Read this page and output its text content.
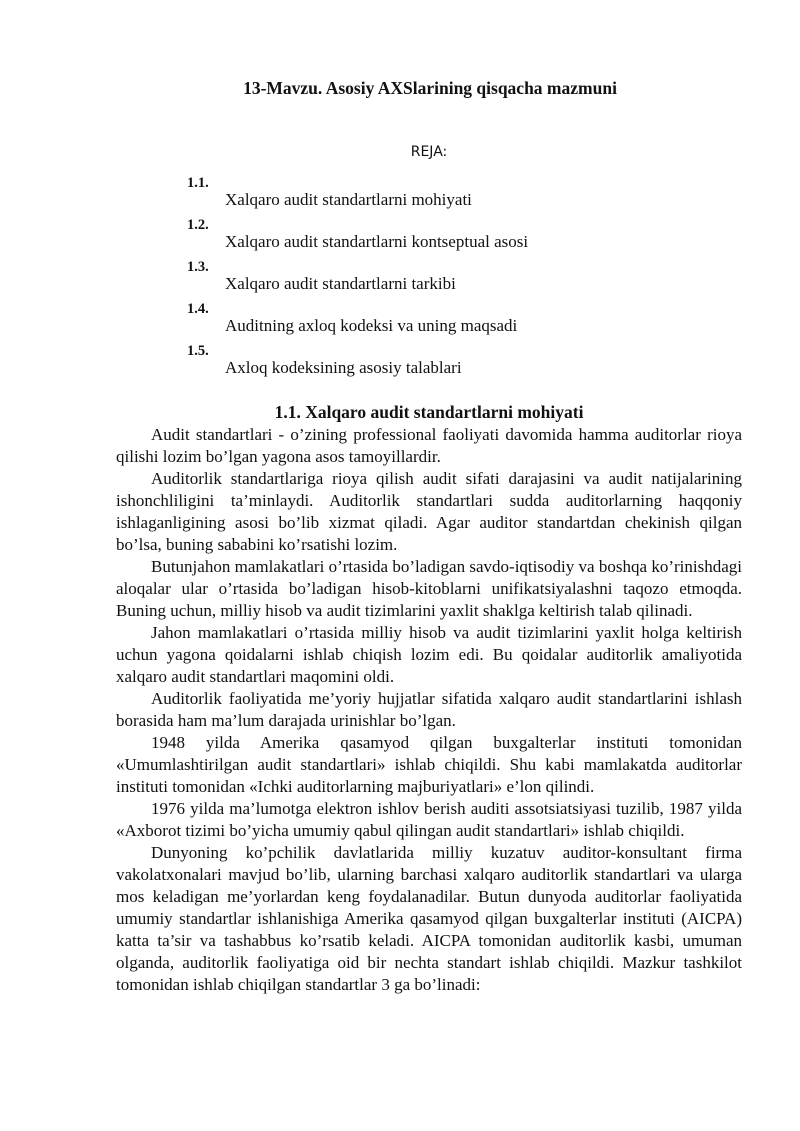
13-Mavzu. Asosiy AXSlarining qisqacha mazmuni
REJA:
1.1.
Xalqaro audit standartlarni mohiyati
1.2.
Xalqaro audit standartlarni kontseptual asosi
1.3.
Xalqaro audit standartlarni tarkibi
1.4.
Auditning axloq kodeksi va uning maqsadi
1.5.
Axloq kodeksining asosiy talablari
1.1. Xalqaro audit standartlarni mohiyati

Audit standartlari - o’zining professional faoliyati davomida hamma auditorlar rioya qilishi lozim bo’lgan yagona asos tamoyillardir.

Auditorlik standartlariga rioya qilish audit sifati darajasini va audit natijalarining ishonchliligini ta’minlaydi. Auditorlik standartlari sudda auditorlarning haqqoniy ishlaganligining asosi bo’lib xizmat qiladi. Agar auditor standartdan chekinish qilgan bo’lsa, buning sababini ko’rsatishi lozim.

Butunjahon mamlakatlari o’rtasida bo’ladigan savdo-iqtisodiy va boshqa ko’rinishdagi aloqalar ular o’rtasida bo’ladigan hisob-kitoblarni unifikatsiyalashni taqozo etmoqda. Buning uchun, milliy hisob va audit tizimlarini yaxlit shaklga keltirish talab qilinadi.

Jahon mamlakatlari o’rtasida milliy hisob va audit tizimlarini yaxlit holga keltirish uchun yagona qoidalarni ishlab chiqish lozim edi. Bu qoidalar auditorlik amaliyotida xalqaro audit standartlari maqomini oldi.

Auditorlik faoliyatida me’yoriy hujjatlar sifatida xalqaro audit standartlarini ishlash borasida ham ma’lum darajada urinishlar bo’lgan.

1948 yilda Amerika qasamyod qilgan buxgalterlar instituti tomonidan «Umumlashtirilgan audit standartlari» ishlab chiqildi. Shu kabi mamlakatda auditorlar instituti tomonidan «Ichki auditorlarning majburiyatlari» e’lon qilindi.

1976 yilda ma’lumotga elektron ishlov berish auditi assotsiatsiyasi tuzilib, 1987 yilda «Axborot tizimi bo’yicha umumiy qabul qilingan audit standartlari» ishlab chiqildi.

Dunyoning ko’pchilik davlatlarida milliy kuzatuv auditor-konsultant firma vakolatxonalari mavjud bo’lib, ularning barchasi xalqaro auditorlik standartlari va ularga mos keladigan me’yorlardan keng foydalanadilar. Butun dunyoda auditorlar faoliyatida umumiy standartlar ishlanishiga Amerika qasamyod qilgan buxgalterlar instituti (AICPA) katta ta’sir va tashabbus ko’rsatib keladi. AICPA tomonidan auditorlik kasbi, umuman olganda, auditorlik faoliyatiga oid bir nechta standart ishlab chiqildi. Mazkur tashkilot tomonidan ishlab chiqilgan standartlar 3 ga bo’linadi:
